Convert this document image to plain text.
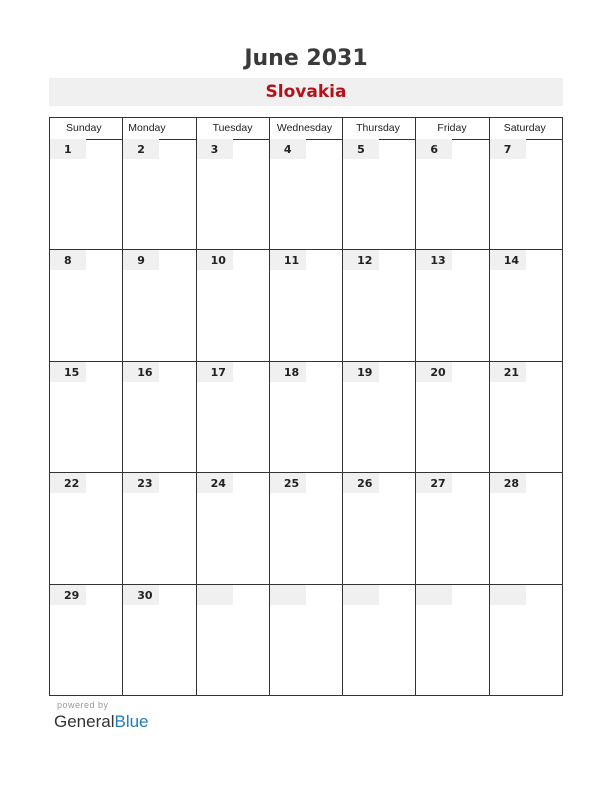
June 2031
Slovakia
Sunday	Monday	Tuesday	Wednesday	Thursday	Friday	Saturday
1	2	3	4	5	6	7
8	9	10	11	12	13	14
15	16	17	18	19	20	21
22	23	24	25	26	27	28
29	30
powered by
GeneralBlue
